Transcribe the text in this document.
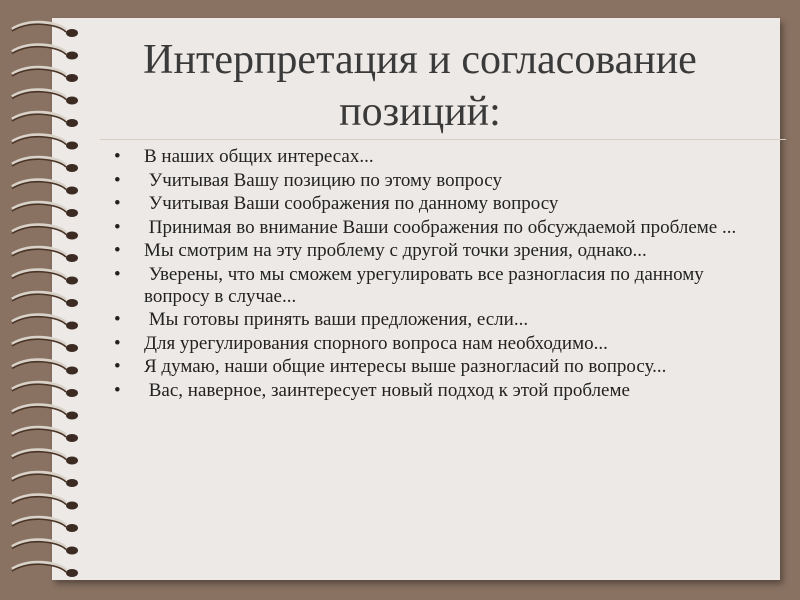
Интерпретация и согласование
позиций:
• В наших общих интересах...
• Учитывая Вашу позицию по этому вопросу
• Учитывая Ваши соображения по данному вопросу
• Принимая во внимание Ваши соображения по обсуждаемой проблеме ...
• Мы смотрим на эту проблему с другой точки зрения, однако...
• Уверены, что мы сможем урегулировать все разногласия по данному вопросу в случае...
• Мы готовы принять ваши предложения, если...
• Для урегулирования спорного вопроса нам необходимо...
• Я думаю, наши общие интересы выше разногласий по вопросу...
• Вас, наверное, заинтересует новый подход к этой проблеме
